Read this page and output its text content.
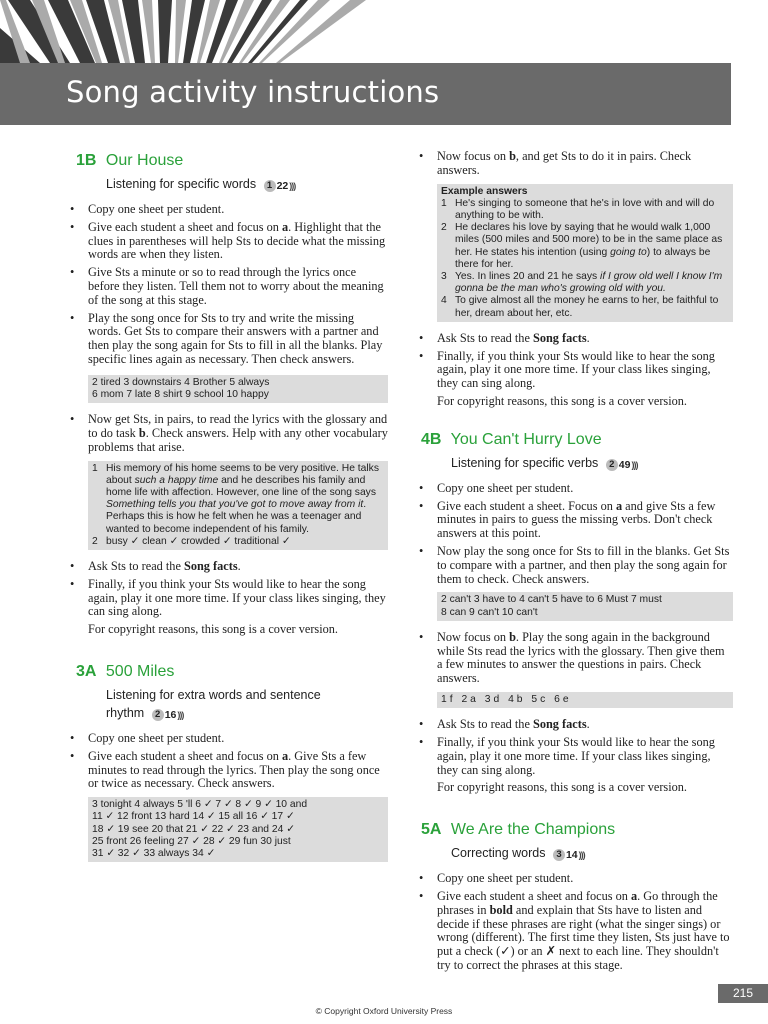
Song activity instructions
1B Our House
Listening for specific words	1 22 )))
• Copy one sheet per student.
• Give each student a sheet and focus on a. Highlight that the clues in parentheses will help Sts to decide what the missing words are when they listen.
• Give Sts a minute or so to read through the lyrics once before they listen. Tell them not to worry about the meaning of the song at this stage.
• Play the song once for Sts to try and write the missing words. Get Sts to compare their answers with a partner and then play the song again for Sts to fill in all the blanks. Play specific lines again as necessary. Then check answers.
2 tired 3 downstairs 4 Brother 5 always
6 mom 7 late 8 shirt 9 school 10 happy
• Now get Sts, in pairs, to read the lyrics with the glossary and to do task b. Check answers. Help with any other vocabulary problems that arise.
1 His memory of his home seems to be very positive. He talks about such a happy time and he describes his family and home life with affection. However, one line of the song says Something tells you that you've got to move away from it. Perhaps this is how he felt when he was a teenager and wanted to become independent of his family.
2 busy ✓ clean ✓ crowded ✓ traditional ✓
• Ask Sts to read the Song facts.
• Finally, if you think your Sts would like to hear the song again, play it one more time. If your class likes singing, they can sing along.
For copyright reasons, this song is a cover version.
3A 500 Miles
Listening for extra words and sentence rhythm	2 16 )))
• Copy one sheet per student.
• Give each student a sheet and focus on a. Give Sts a few minutes to read through the lyrics. Then play the song once or twice as necessary. Check answers.
3 tonight 4 always 5 'll 6 ✓ 7 ✓ 8 ✓ 9 ✓ 10 and
11 ✓ 12 front 13 hard 14 ✓ 15 all 16 ✓ 17 ✓
18 ✓ 19 see 20 that 21 ✓ 22 ✓ 23 and 24 ✓
25 front 26 feeling 27 ✓ 28 ✓ 29 fun 30 just
31 ✓ 32 ✓ 33 always 34 ✓
• Now focus on b, and get Sts to do it in pairs. Check answers.
Example answers
1 He's singing to someone that he's in love with and will do anything to be with.
2 He declares his love by saying that he would walk 1,000 miles (500 miles and 500 more) to be in the same place as her. He states his intention (using going to) to always be there for her.
3 Yes. In lines 20 and 21 he says if I grow old well I know I'm gonna be the man who's growing old with you.
4 To give almost all the money he earns to her, be faithful to her, dream about her, etc.
• Ask Sts to read the Song facts.
• Finally, if you think your Sts would like to hear the song again, play it one more time. If your class likes singing, they can sing along.
For copyright reasons, this song is a cover version.
4B You Can't Hurry Love
Listening for specific verbs	2 49 )))
• Copy one sheet per student.
• Give each student a sheet. Focus on a and give Sts a few minutes in pairs to guess the missing verbs. Don't check answers at this point.
• Now play the song once for Sts to fill in the blanks. Get Sts to compare with a partner, and then play the song again for them to check. Check answers.
2 can't 3 have to 4 can't 5 have to 6 Must 7 must
8 can 9 can't 10 can't
• Now focus on b. Play the song again in the background while Sts read the lyrics with the glossary. Then give them a few minutes to answer the questions in pairs. Check answers.
1f 2a 3d 4b 5c 6e
• Ask Sts to read the Song facts.
• Finally, if you think your Sts would like to hear the song again, play it one more time. If your class likes singing, they can sing along.
For copyright reasons, this song is a cover version.
5A We Are the Champions
Correcting words	3 14 )))
• Copy one sheet per student.
• Give each student a sheet and focus on a. Go through the phrases in bold and explain that Sts have to listen and decide if these phrases are right (what the singer sings) or wrong (different). The first time they listen, Sts just have to put a check (✓) or an ✗ next to each line. They shouldn't try to correct the phrases at this stage.
215
© Copyright Oxford University Press
